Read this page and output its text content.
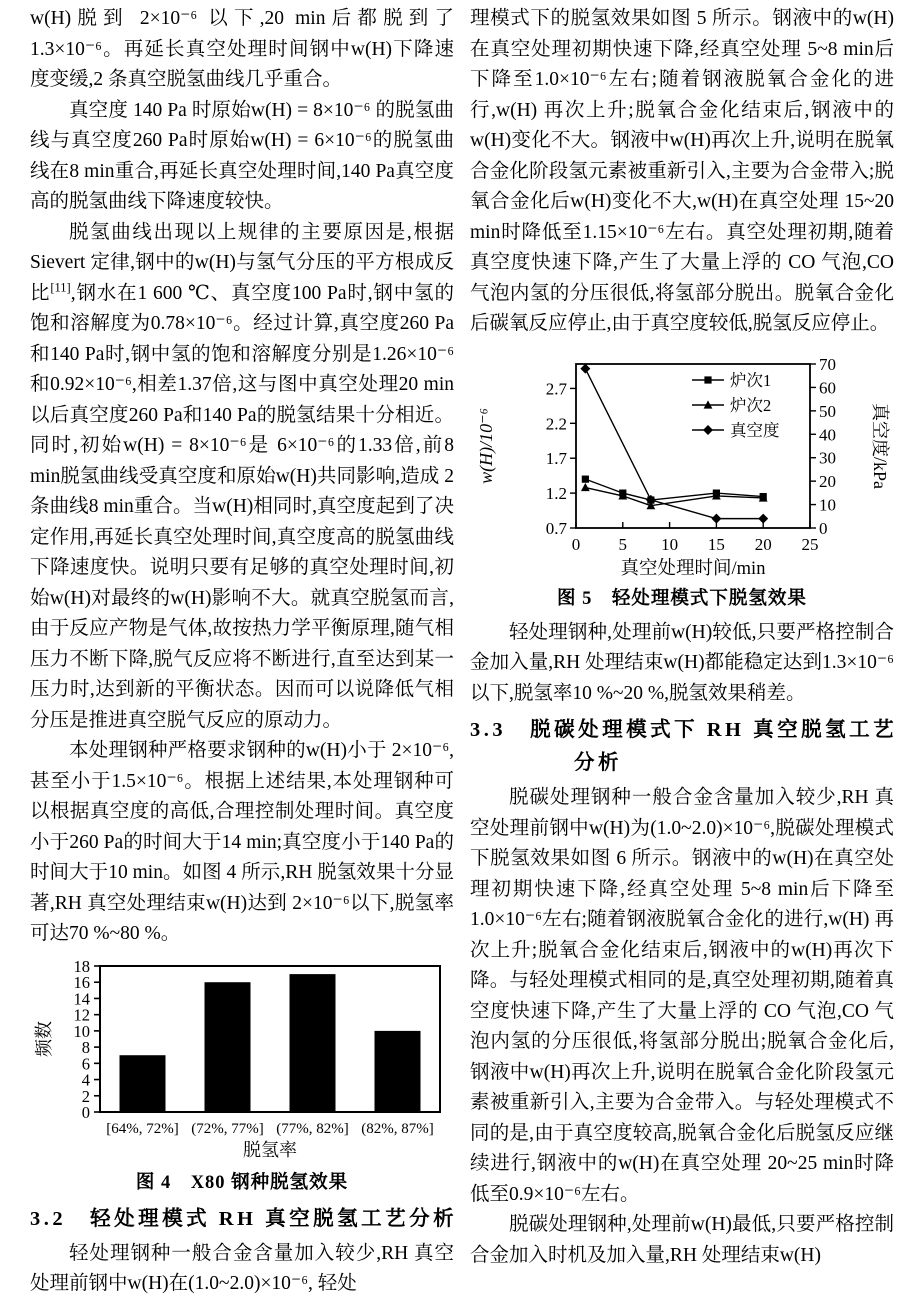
w(H)脱到 2×10⁻⁶ 以下,20 min后都脱到了1.3×10⁻⁶。再延长真空处理时间钢中w(H)下降速度变缓,2 条真空脱氢曲线几乎重合。

真空度 140 Pa 时原始w(H) = 8×10⁻⁶ 的脱氢曲线与真空度260 Pa时原始w(H) = 6×10⁻⁶的脱氢曲线在8 min重合,再延长真空处理时间,140 Pa真空度高的脱氢曲线下降速度较快。

脱氢曲线出现以上规律的主要原因是,根据 Sievert 定律,钢中的w(H)与氢气分压的平方根成反比[11],钢水在1 600 ℃、真空度100 Pa时,钢中氢的饱和溶解度为0.78×10⁻⁶。经过计算,真空度260 Pa和140 Pa时,钢中氢的饱和溶解度分别是1.26×10⁻⁶和0.92×10⁻⁶,相差1.37倍,这与图中真空处理20 min以后真空度260 Pa和140 Pa的脱氢结果十分相近。同时,初始w(H) = 8×10⁻⁶是 6×10⁻⁶的1.33倍,前8 min脱氢曲线受真空度和原始w(H)共同影响,造成 2 条曲线8 min重合。当w(H)相同时,真空度起到了决定作用,再延长真空处理时间,真空度高的脱氢曲线下降速度快。说明只要有足够的真空处理时间,初始w(H)对最终的w(H)影响不大。就真空脱氢而言,由于反应产物是气体,故按热力学平衡原理,随气相压力不断下降,脱气反应将不断进行,直至达到某一压力时,达到新的平衡状态。因而可以说降低气相分压是推进真空脱气反应的原动力。

本处理钢种严格要求钢种的w(H)小于 2×10⁻⁶,甚至小于1.5×10⁻⁶。根据上述结果,本处理钢种可以根据真空度的高低,合理控制处理时间。真空度小于260 Pa的时间大于14 min;真空度小于140 Pa的时间大于10 min。如图 4 所示,RH 脱氢效果十分显著,RH 真空处理结束w(H)达到 2×10⁻⁶以下,脱氢率可达70 %~80 %。

0
2
4
6
8
10
12
14
16
18
[64%, 72%] (72%, 77%] (77%, 82%] (82%, 87%]
脱氢率
频数
图 4　X80 钢种脱氢效果
3.2　轻处理模式 RH 真空脱氢工艺分析

轻处理钢种一般合金含量加入较少,RH 真空处理前钢中w(H)在(1.0~2.0)×10⁻⁶, 轻处

理模式下的脱氢效果如图 5 所示。钢液中的w(H)在真空处理初期快速下降,经真空处理 5~8 min后下降至1.0×10⁻⁶左右;随着钢液脱氧合金化的进行,w(H) 再次上升;脱氧合金化结束后,钢液中的w(H)变化不大。钢液中w(H)再次上升,说明在脱氧合金化阶段氢元素被重新引入,主要为合金带入;脱氧合金化后w(H)变化不大,w(H)在真空处理 15~20 min时降低至1.15×10⁻⁶左右。真空处理初期,随着真空度快速下降,产生了大量上浮的 CO 气泡,CO 气泡内氢的分压很低,将氢部分脱出。脱氧合金化后碳氧反应停止,由于真空度较低,脱氢反应停止。

0 5 10 15 20 25
0.7
1.2
1.7
2.2
2.7
0
10
20
30
40
50
60
70
w(H)/10⁻⁶	真空度/kPa
炉次1
炉次2
真空度
真空处理时间/min
图 5　轻处理模式下脱氢效果

轻处理钢种,处理前w(H)较低,只要严格控制合金加入量,RH 处理结束w(H)都能稳定达到1.3×10⁻⁶以下,脱氢率10 %~20 %,脱氢效果稍差。

3.3　脱碳处理模式下 RH 真空脱氢工艺
分析

脱碳处理钢种一般合金含量加入较少,RH 真空处理前钢中w(H)为(1.0~2.0)×10⁻⁶,脱碳处理模式下脱氢效果如图 6 所示。钢液中的w(H)在真空处理初期快速下降,经真空处理 5~8 min后下降至1.0×10⁻⁶左右;随着钢液脱氧合金化的进行,w(H) 再次上升;脱氧合金化结束后,钢液中的w(H)再次下降。与轻处理模式相同的是,真空处理初期,随着真空度快速下降,产生了大量上浮的 CO 气泡,CO 气泡内氢的分压很低,将氢部分脱出;脱氧合金化后,钢液中w(H)再次上升,说明在脱氧合金化阶段氢元素被重新引入,主要为合金带入。与轻处理模式不同的是,由于真空度较高,脱氧合金化后脱氢反应继续进行,钢液中的w(H)在真空处理 20~25 min时降低至0.9×10⁻⁶左右。

脱碳处理钢种,处理前w(H)最低,只要严格控制合金加入时机及加入量,RH 处理结束w(H)
